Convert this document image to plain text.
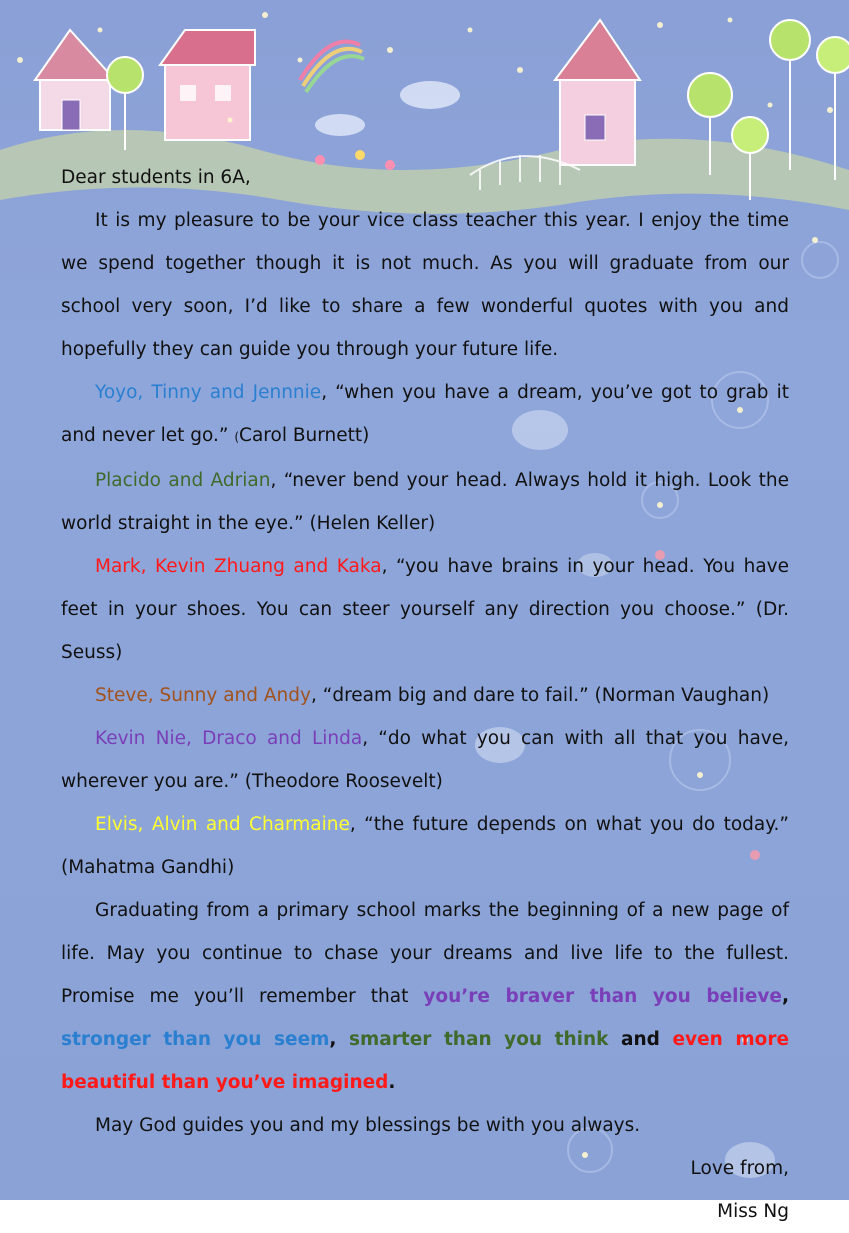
Dear students in 6A,

It is my pleasure to be your vice class teacher this year. I enjoy the time we spend together though it is not much. As you will graduate from our school very soon, I’d like to share a few wonderful quotes with you and hopefully they can guide you through your future life.

Yoyo, Tinny and Jennnie, “when you have a dream, you’ve got to grab it and never let go.” (Carol Burnett)

Placido and Adrian, “never bend your head. Always hold it high. Look the world straight in the eye.” (Helen Keller)

Mark, Kevin Zhuang and Kaka, “you have brains in your head. You have feet in your shoes. You can steer yourself any direction you choose.” (Dr. Seuss)

Steve, Sunny and Andy, “dream big and dare to fail.” (Norman Vaughan)

Kevin Nie, Draco and Linda, “do what you can with all that you have, wherever you are.” (Theodore Roosevelt)

Elvis, Alvin and Charmaine, “the future depends on what you do today.” (Mahatma Gandhi)

Graduating from a primary school marks the beginning of a new page of life. May you continue to chase your dreams and live life to the fullest. Promise me you’ll remember that you’re braver than you believe, stronger than you seem, smarter than you think and even more beautiful than you’ve imagined.

May God guides you and my blessings be with you always.

Love from,

Miss Ng
